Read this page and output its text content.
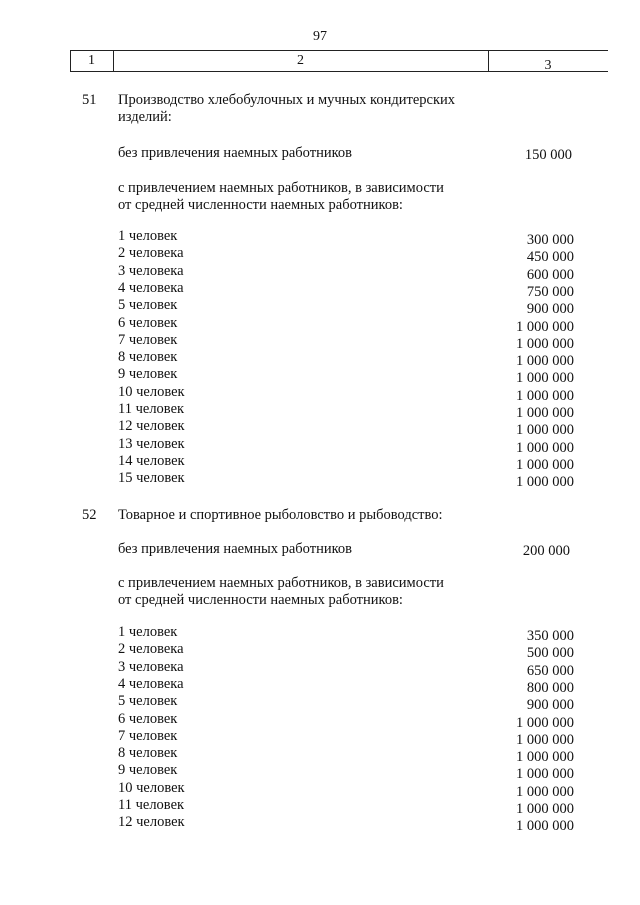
97
1	2	3
51 Производство хлебобулочных и мучных кондитерских
изделий:
без привлечения наемных работников	150 000
с привлечением наемных работников, в зависимости
от средней численности наемных работников:
1 человек	300 000
2 человека	450 000
3 человека	600 000
4 человека	750 000
5 человек	900 000
6 человек	1 000 000
7 человек	1 000 000
8 человек	1 000 000
9 человек	1 000 000
10 человек	1 000 000
11 человек	1 000 000
12 человек	1 000 000
13 человек	1 000 000
14 человек	1 000 000
15 человек	1 000 000
52 Товарное и спортивное рыболовство и рыбоводство:
без привлечения наемных работников	200 000
с привлечением наемных работников, в зависимости
от средней численности наемных работников:
1 человек	350 000
2 человека	500 000
3 человека	650 000
4 человека	800 000
5 человек	900 000
6 человек	1 000 000
7 человек	1 000 000
8 человек	1 000 000
9 человек	1 000 000
10 человек	1 000 000
11 человек	1 000 000
12 человек	1 000 000
